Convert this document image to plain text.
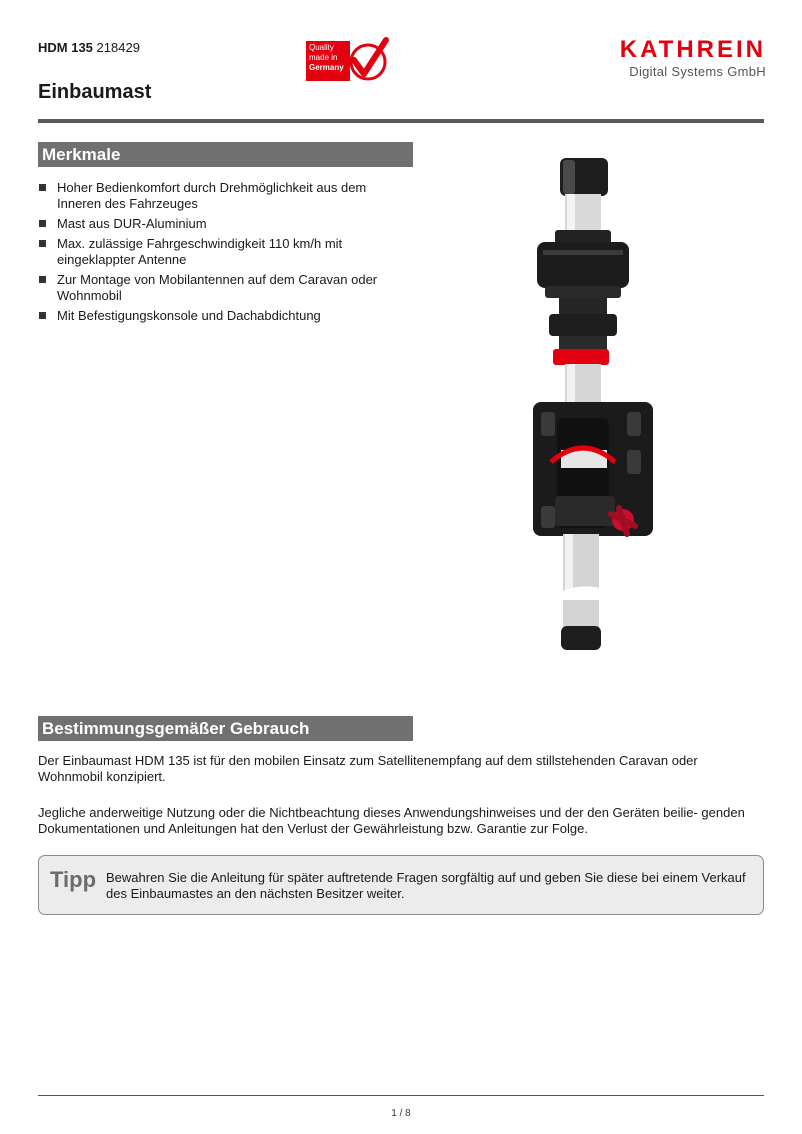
HDM 135 218429
Einbaumast
Quality
made in
Germany
KATHREIN
Digital Systems GmbH
Merkmale
Hoher Bedienkomfort durch Drehmöglichkeit aus dem Inneren des Fahrzeuges
Mast aus DUR-Aluminium
Max. zulässige Fahrgeschwindigkeit 110 km/h mit eingeklappter Antenne
Zur Montage von Mobilantennen auf dem Caravan oder Wohnmobil
Mit Befestigungskonsole und Dachabdichtung
Bestimmungsgemäßer Gebrauch

Der Einbaumast HDM 135 ist für den mobilen Einsatz zum Satellitenempfang auf dem stillstehenden Caravan oder Wohnmobil konzipiert.

Jegliche anderweitige Nutzung oder die Nichtbeachtung dieses Anwendungshinweises und der den Geräten beilie- genden Dokumentationen und Anleitungen hat den Verlust der Gewährleistung bzw. Garantie zur Folge.

Tipp Bewahren Sie die Anleitung für später auftretende Fragen sorgfältig auf und geben Sie diese bei einem Verkauf des Einbaumastes an den nächsten Besitzer weiter.
1 / 8
